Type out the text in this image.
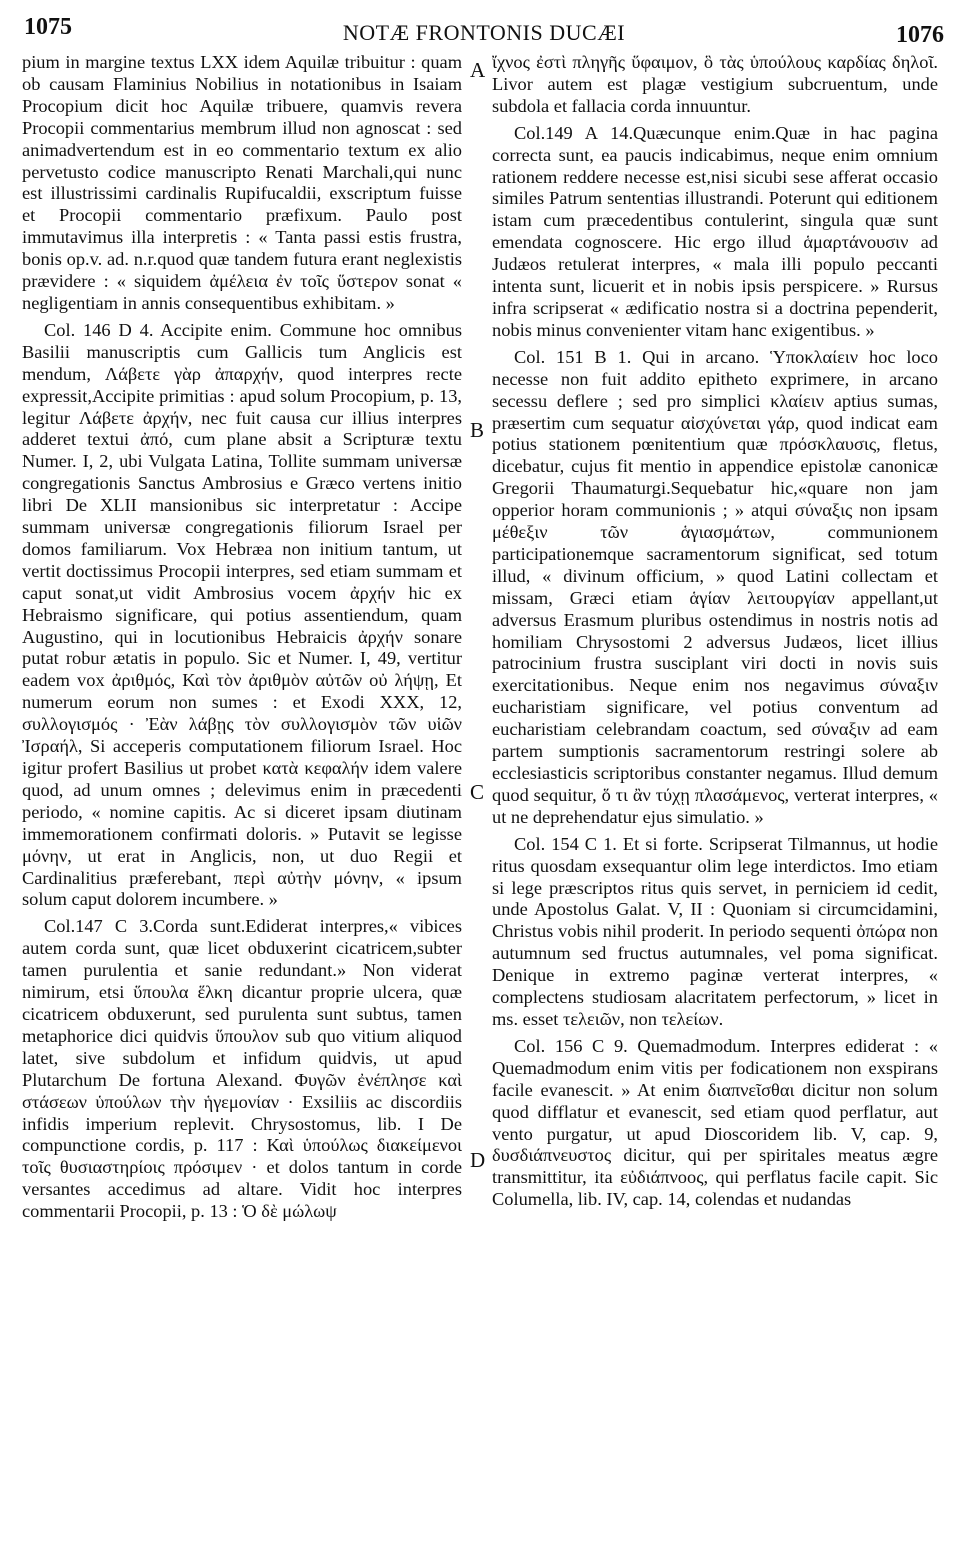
1075	NOTÆ FRONTONIS DUCÆI	1076

pium in margine textus LXX idem Aquilæ tribuitur : quam ob causam Flaminius Nobilius in notationibus in Isaiam Procopium dicit hoc Aquilæ tribuere, quamvis revera Procopii commentarius membrum illud non agnoscat : sed animadvertendum est in eo commentario textum ex alio pervetusto codice manuscripto Renati Marchali,qui nunc est illustrissimi cardinalis Rupifucaldii, exscriptum fuisse et Procopii commentario præfixum. Paulo post immutavimus illa interpretis : « Tanta passi estis frustra, bonis op.v. ad. n.r.quod quæ tandem futura erant neglexistis prævidere : « siquidem ἀμέλεια ἐν τοῖς ὕστερον sonat « negligentiam in annis consequentibus exhibitam. »

Col. 146 D 4. Accipite enim. Commune hoc omnibus Basilii manuscriptis cum Gallicis tum Anglicis est mendum, Λάβετε γὰρ ἀπαρχήν, quod interpres recte expressit,Accipite primitias : apud solum Procopium, p. 13, legitur Λάβετε ἀρχήν, nec fuit causa cur illius interpres adderet textui ἀπό, cum plane absit a Scripturæ textu Numer. I, 2, ubi Vulgata Latina, Tollite summam universæ congregationis Sanctus Ambrosius e Græco vertens initio libri De XLII mansionibus sic interpretatur : Accipe summam universæ congregationis filiorum Israel per domos familiarum. Vox Hebræa non initium tantum, ut vertit doctissimus Procopii interpres, sed etiam summam et caput sonat,ut vidit Ambrosius vocem ἀρχήν hic ex Hebraismo significare, qui potius assentiendum, quam Augustino, qui in locutionibus Hebraicis ἀρχήν sonare putat robur ætatis in populo. Sic et Numer. I, 49, vertitur eadem vox ἀριθμός, Καὶ τὸν ἀριθμὸν αὐτῶν οὐ λήψῃ, Et numerum eorum non sumes : et Exodi XXX, 12, συλλογισμός · Ἐὰν λάβῃς τὸν συλλογισμὸν τῶν υἱῶν Ἰσραήλ, Si acceperis computationem filiorum Israel. Hoc igitur profert Basilius ut probet κατὰ κεφαλήν idem valere quod, ad unum omnes ; delevimus enim in præcedenti periodo, « nomine capitis. Ac si diceret ipsam diutinam immemorationem confirmati doloris. » Putavit se legisse μόνην, ut erat in Anglicis, non, ut duo Regii et Cardinalitius præferebant, περὶ αὐτὴν μόνην, « ipsum solum caput dolorem incumbere. »

Col.147 C 3.Corda sunt.Ediderat interpres,« vibices autem corda sunt, quæ licet obduxerint cicatricem,subter tamen purulentia et sanie redundant.» Non viderat nimirum, etsi ὕπουλα ἕλκη dicantur proprie ulcera, quæ cicatricem obduxerunt, sed purulenta sunt subtus, tamen metaphorice dici quidvis ὕπουλον sub quo vitium aliquod latet, sive subdolum et infidum quidvis, ut apud Plutarchum De fortuna Alexand. Φυγῶν ἐνέπλησε καὶ στάσεων ὑπούλων τὴν ἡγεμονίαν · Exsiliis ac discordiis infidis imperium replevit. Chrysostomus, lib. I De compunctione cordis, p. 117 : Καὶ ὑπούλως διακείμενοι τοῖς θυσιαστηρίοις πρόσιμεν · et dolos tantum in corde versantes accedimus ad altare. Vidit hoc interpres commentarii Procopii, p. 13 : Ὁ δὲ μώλωψ

A
B
C
D

ἴχνος ἐστὶ πληγῆς ὕφαιμον, ὃ τὰς ὑπούλους καρδίας δηλοῖ. Livor autem est plagæ vestigium subcruentum, unde subdola et fallacia corda innuuntur.

Col.149 A 14.Quæcunque enim.Quæ in hac pagina correcta sunt, ea paucis indicabimus, neque enim omnium rationem reddere necesse est,nisi sicubi sese afferat occasio similes Patrum sententias illustrandi. Poterunt qui editionem istam cum præcedentibus contulerint, singula quæ sunt emendata cognoscere. Hic ergo illud ἁμαρτάνουσιν ad Judæos retulerat interpres, « mala illi populo peccanti intenta sunt, licuerit et in nobis ipsis perspicere. » Rursus infra scripserat « ædificatio nostra si a doctrina pependerit, nobis minus convenienter vitam hanc exigentibus. »

Col. 151 B 1. Qui in arcano. Ὑποκλαίειν hoc loco necesse non fuit addito epitheto exprimere, in arcano secessu deflere ; sed pro simplici κλαίειν aptius sumas, præsertim cum sequatur αἰσχύνεται γάρ, quod indicat eam potius stationem pœnitentium quæ πρόσκλαυσις, fletus, dicebatur, cujus fit mentio in appendice epistolæ canonicæ Gregorii Thaumaturgi.Sequebatur hic,«quare non jam opperior horam communionis ; » atqui σύναξις non ipsam μέθεξιν τῶν ἁγιασμάτων, communionem participationemque sacramentorum significat, sed totum illud, « divinum officium, » quod Latini collectam et missam, Græci etiam ἁγίαν λειτουργίαν appellant,ut adversus Erasmum pluribus ostendimus in nostris notis ad homiliam Chrysostomi 2 adversus Judæos, licet illius patrocinium frustra susciplant viri docti in novis suis exercitationibus. Neque enim nos negavimus σύναξιν eucharistiam significare, vel potius conventum ad eucharistiam celebrandam coactum, sed σύναξιν ad eam partem sumptionis sacramentorum restringi solere ab ecclesiasticis scriptoribus constanter negamus. Illud demum quod sequitur, ὅ τι ἂν τύχῃ πλασάμενος, verterat interpres, « ut ne deprehendatur ejus simulatio. »

Col. 154 C 1. Et si forte. Scripserat Tilmannus, ut hodie ritus quosdam exsequantur olim lege interdictos. Imo etiam si lege præscriptos ritus quis servet, in perniciem id cedit, unde Apostolus Galat. V, II : Quoniam si circumcidamini, Christus vobis nihil proderit. In periodo sequenti ὀπώρα non autumnum sed fructus autumnales, vel poma significat. Denique in extremo paginæ verterat interpres, « complectens studiosam alacritatem perfectorum, » licet in ms. esset τελειῶν, non τελείων.

Col. 156 C 9. Quemadmodum. Interpres ediderat : « Quemadmodum enim vitis per fodicationem non exspirans facile evanescit. » At enim διαπνεῖσθαι dicitur non solum quod difflatur et evanescit, sed etiam quod perflatur, aut vento purgatur, ut apud Dioscoridem lib. V, cap. 9, δυσδιάπνευστος dicitur, qui per spiritales meatus ægre transmittitur, ita εὐδιάπνοος, qui perflatus facile capit. Sic Columella, lib. IV, cap. 14, colendas et nudandas
